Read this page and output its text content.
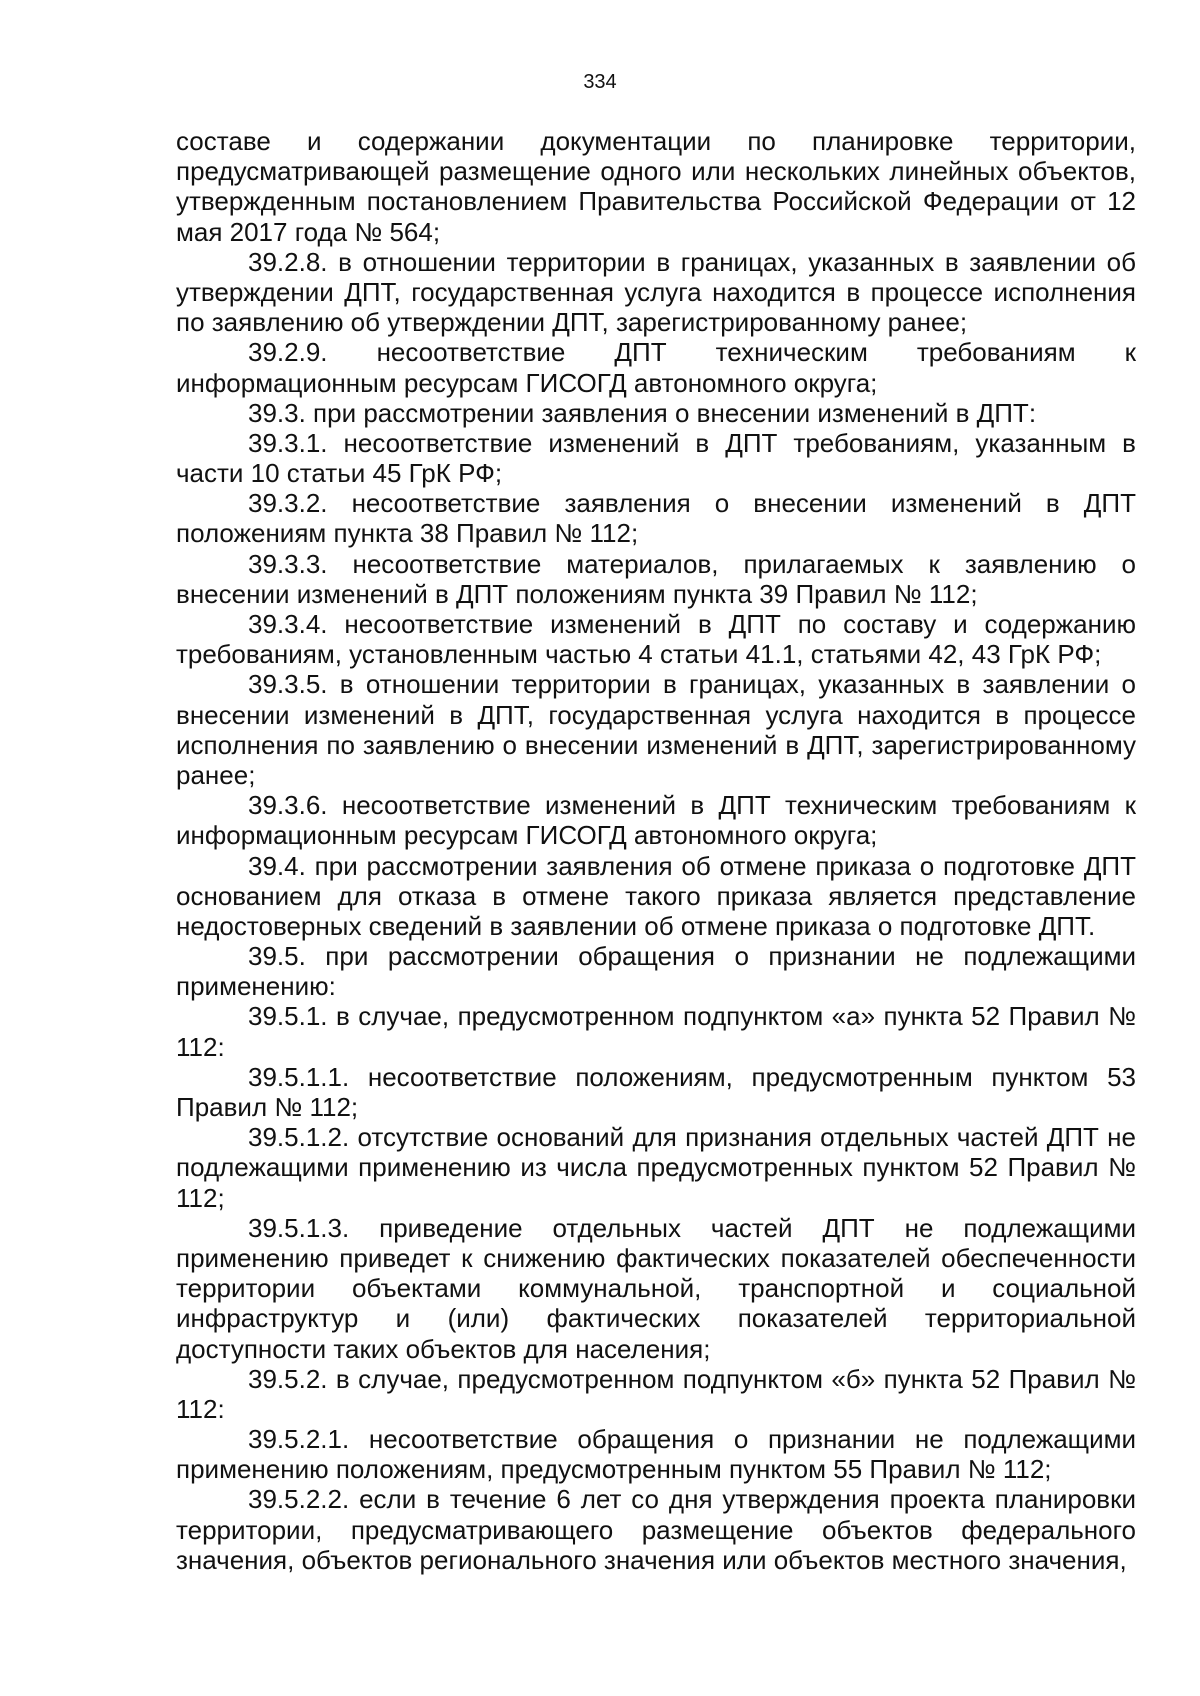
334
составе и содержании документации по планировке территории,
предусматривающей размещение одного или нескольких линейных объектов,
утвержденным постановлением Правительства Российской Федерации от 12
мая 2017 года № 564;
39.2.8. в отношении территории в границах, указанных в заявлении об
утверждении ДПТ, государственная услуга находится в процессе исполнения
по заявлению об утверждении ДПТ, зарегистрированному ранее;
39.2.9. несоответствие ДПТ техническим требованиям к
информационным ресурсам ГИСОГД автономного округа;
39.3. при рассмотрении заявления о внесении изменений в ДПТ:
39.3.1. несоответствие изменений в ДПТ требованиям, указанным в
части 10 статьи 45 ГрК РФ;
39.3.2. несоответствие заявления о внесении изменений в ДПТ
положениям пункта 38 Правил № 112;
39.3.3. несоответствие материалов, прилагаемых к заявлению о
внесении изменений в ДПТ положениям пункта 39 Правил № 112;
39.3.4. несоответствие изменений в ДПТ по составу и содержанию
требованиям, установленным частью 4 статьи 41.1, статьями 42, 43 ГрК РФ;
39.3.5. в отношении территории в границах, указанных в заявлении о
внесении изменений в ДПТ, государственная услуга находится в процессе
исполнения по заявлению о внесении изменений в ДПТ, зарегистрированному
ранее;
39.3.6. несоответствие изменений в ДПТ техническим требованиям к
информационным ресурсам ГИСОГД автономного округа;
39.4. при рассмотрении заявления об отмене приказа о подготовке ДПТ
основанием для отказа в отмене такого приказа является представление
недостоверных сведений в заявлении об отмене приказа о подготовке ДПТ.
39.5. при рассмотрении обращения о признании не подлежащими
применению:
39.5.1. в случае, предусмотренном подпунктом «а» пункта 52 Правил №
112:
39.5.1.1. несоответствие положениям, предусмотренным пунктом 53
Правил № 112;
39.5.1.2. отсутствие оснований для признания отдельных частей ДПТ не
подлежащими применению из числа предусмотренных пунктом 52 Правил №
112;
39.5.1.3. приведение отдельных частей ДПТ не подлежащими
применению приведет к снижению фактических показателей обеспеченности
территории объектами коммунальной, транспортной и социальной
инфраструктур и (или) фактических показателей территориальной
доступности таких объектов для населения;
39.5.2. в случае, предусмотренном подпунктом «б» пункта 52 Правил №
112:
39.5.2.1. несоответствие обращения о признании не подлежащими
применению положениям, предусмотренным пунктом 55 Правил № 112;
39.5.2.2. если в течение 6 лет со дня утверждения проекта планировки
территории, предусматривающего размещение объектов федерального
значения, объектов регионального значения или объектов местного значения,
